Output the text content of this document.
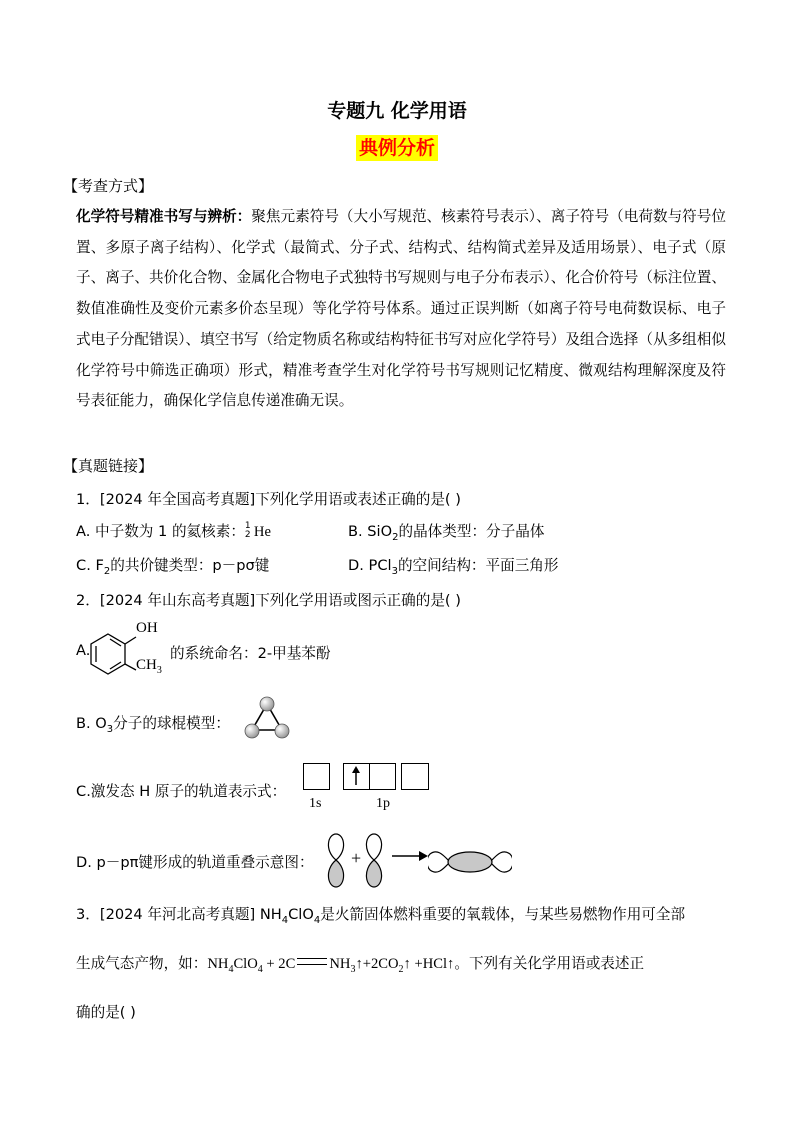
专题九 化学用语
典例分析
【考查方式】
化学符号精准书写与辨析：聚焦元素符号（大小写规范、核素符号表示）、离子符号（电荷数与符号位置、多原子离子结构）、化学式（最简式、分子式、结构式、结构简式差异及适用场景）、电子式（原子、离子、共价化合物、金属化合物电子式独特书写规则与电子分布表示）、化合价符号（标注位置、数值准确性及变价元素多价态呈现）等化学符号体系。通过正误判断（如离子符号电荷数误标、电子式电子分配错误）、填空书写（给定物质名称或结构特征书写对应化学符号）及组合选择（从多组相似化学符号中筛选正确项）形式，精准考查学生对化学符号书写规则记忆精度、微观结构理解深度及符号表征能力，确保化学信息传递准确无误。
【真题链接】
1．[2024 年全国高考真题]下列化学用语或表述正确的是( )
A. 中子数为 1 的氦核素： 1
2 He	B. SiO$_2$的晶体类型：分子晶体
C. $F_2$的共价键类型：p－pσ键	D. PCl$_3$的空间结构：平面三角形
2．[2024 年山东高考真题]下列化学用语或图示正确的是( )
A.
OH
$CH_3$
的系统命名：2-甲基苯酚
B. $O_3$分子的球棍模型：
C.激发态 H 原子的轨道表示式：
1s	1p
D. p－pπ键形成的轨道重叠示意图： +
3．[2024 年河北高考真题] $NH_4ClO_4$是火箭固体燃料重要的氧载体，与某些易燃物作用可全部
生成气态产物，如：$NH_4ClO_4 + 2C$ $NH_3↑+2CO_2↑$ +HCl↑。下列有关化学用语或表述正
确的是( )
